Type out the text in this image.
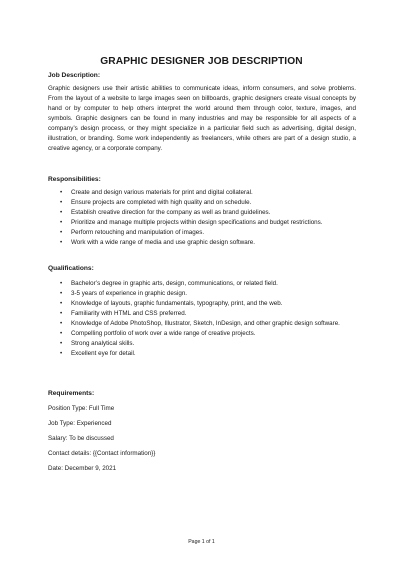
GRAPHIC DESIGNER JOB DESCRIPTION
Job Description:
Graphic designers use their artistic abilities to communicate ideas, inform consumers, and solve problems. From the layout of a website to large images seen on billboards, graphic designers create visual concepts by hand or by computer to help others interpret the world around them through color, texture, images, and symbols. Graphic designers can be found in many industries and may be responsible for all aspects of a company’s design process, or they might specialize in a particular field such as advertising, digital design, illustration, or branding. Some work independently as freelancers, while others are part of a design studio, a creative agency, or a corporate company.
Responsibilities:
• Create and design various materials for print and digital collateral.
• Ensure projects are completed with high quality and on schedule.
• Establish creative direction for the company as well as brand guidelines.
• Prioritize and manage multiple projects within design specifications and budget restrictions.
• Perform retouching and manipulation of images.
• Work with a wide range of media and use graphic design software.
Qualifications:
• Bachelor’s degree in graphic arts, design, communications, or related field.
• 3-5 years of experience in graphic design.
• Knowledge of layouts, graphic fundamentals, typography, print, and the web.
• Familiarity with HTML and CSS preferred.
• Knowledge of Adobe PhotoShop, Illustrator, Sketch, InDesign, and other graphic design software.
• Compelling portfolio of work over a wide range of creative projects.
• Strong analytical skills.
• Excellent eye for detail.
Requirements:
Position Type: Full Time
Job Type: Experienced
Salary: To be discussed
Contact details: {{Contact information}}
Date: December 9, 2021
Page 1 of 1
